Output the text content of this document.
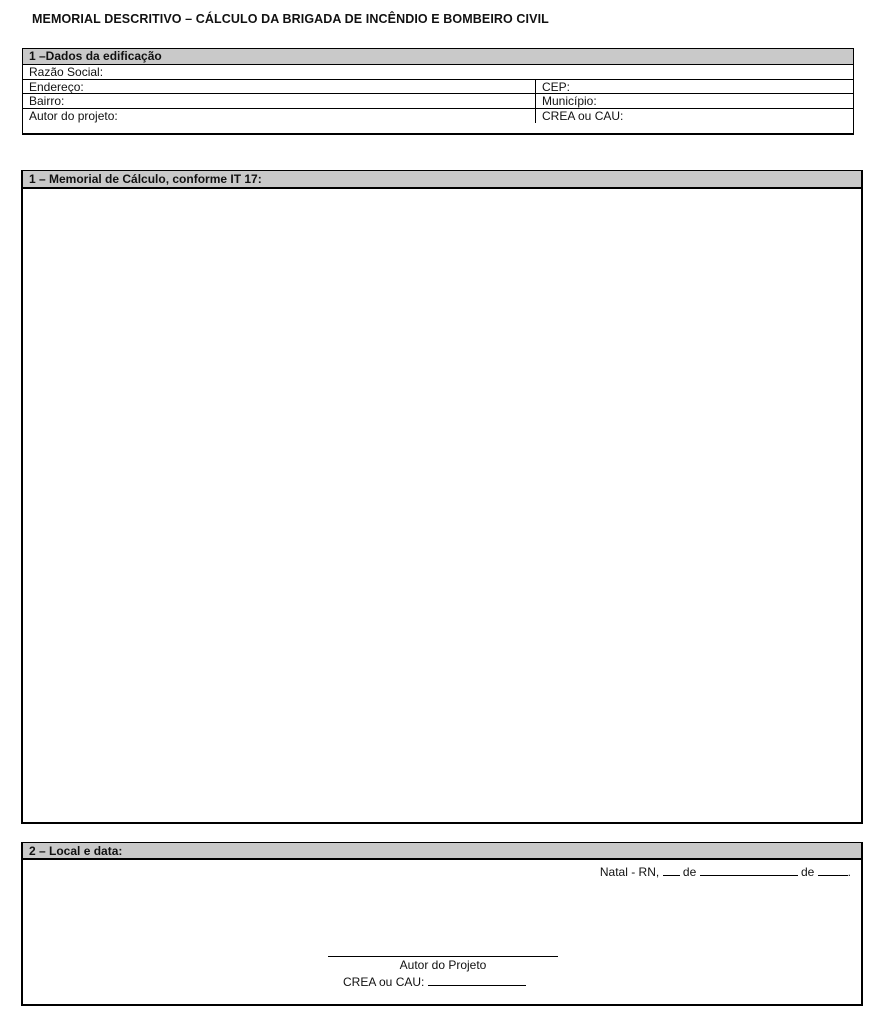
MEMORIAL DESCRITIVO – CÁLCULO DA BRIGADA DE INCÊNDIO E BOMBEIRO CIVIL
1 –Dados da edificação
Razão Social:
Endereço:	CEP:
Bairro:	Município:
Autor do projeto:	CREA ou CAU:
1 – Memorial de Cálculo, conforme IT 17:
2 – Local e data:
Natal - RN, de	de	.
Autor do Projeto
CREA ou CAU:
